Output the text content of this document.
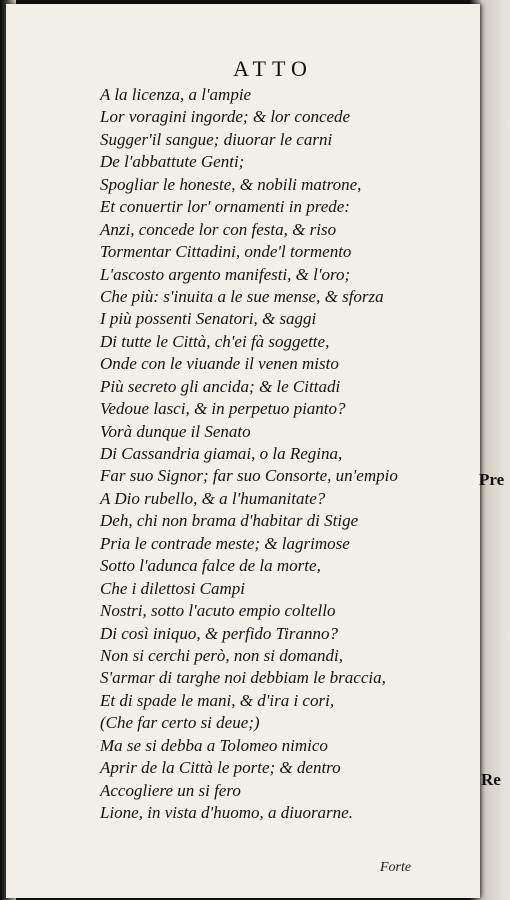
ATTO
A la licenza, a l'ampie
Lor voragini ingorde; & lor concede
Sugger'il sangue; diuorar le carni
De l'abbattute Genti;
Spogliar le honeste, & nobili matrone,
Et conuertir lor' ornamenti in prede:
Anzi, concede lor con festa, & riso
Tormentar Cittadini, onde'l tormento
L'ascosto argento manifesti, & l'oro;
Che più: s'inuita a le sue mense, & sforza
I più possenti Senatori, & saggi
Di tutte le Città, ch'ei fà soggette,
Onde con le viuande il venen misto
Più secreto gli ancida; & le Cittadi
Vedoue lasci, & in perpetuo pianto?
Vorà dunque il Senato
Di Cassandria giamai, o la Regina,
Far suo Signor; far suo Consorte, un'empio
A Dio rubello, & a l'humanitate?
Deh, chi non brama d'habitar di Stige
Pria le contrade meste; & lagrimose
Sotto l'adunca falce de la morte,
Che i dilettosi Campi
Nostri, sotto l'acuto empio coltello
Di così iniquo, & perfido Tiranno?
Non si cerchi però, non si domandi,
S'armar di targhe noi debbiam le braccia,
Et di spade le mani, & d'ira i cori,
(Che far certo si deue;)
Ma se si debba a Tolomeo nimico
Aprir de la Città le porte; & dentro
Accogliere un si fero
Lione, in vista d'huomo, a diuorarne.
Forte
Pre
Re
